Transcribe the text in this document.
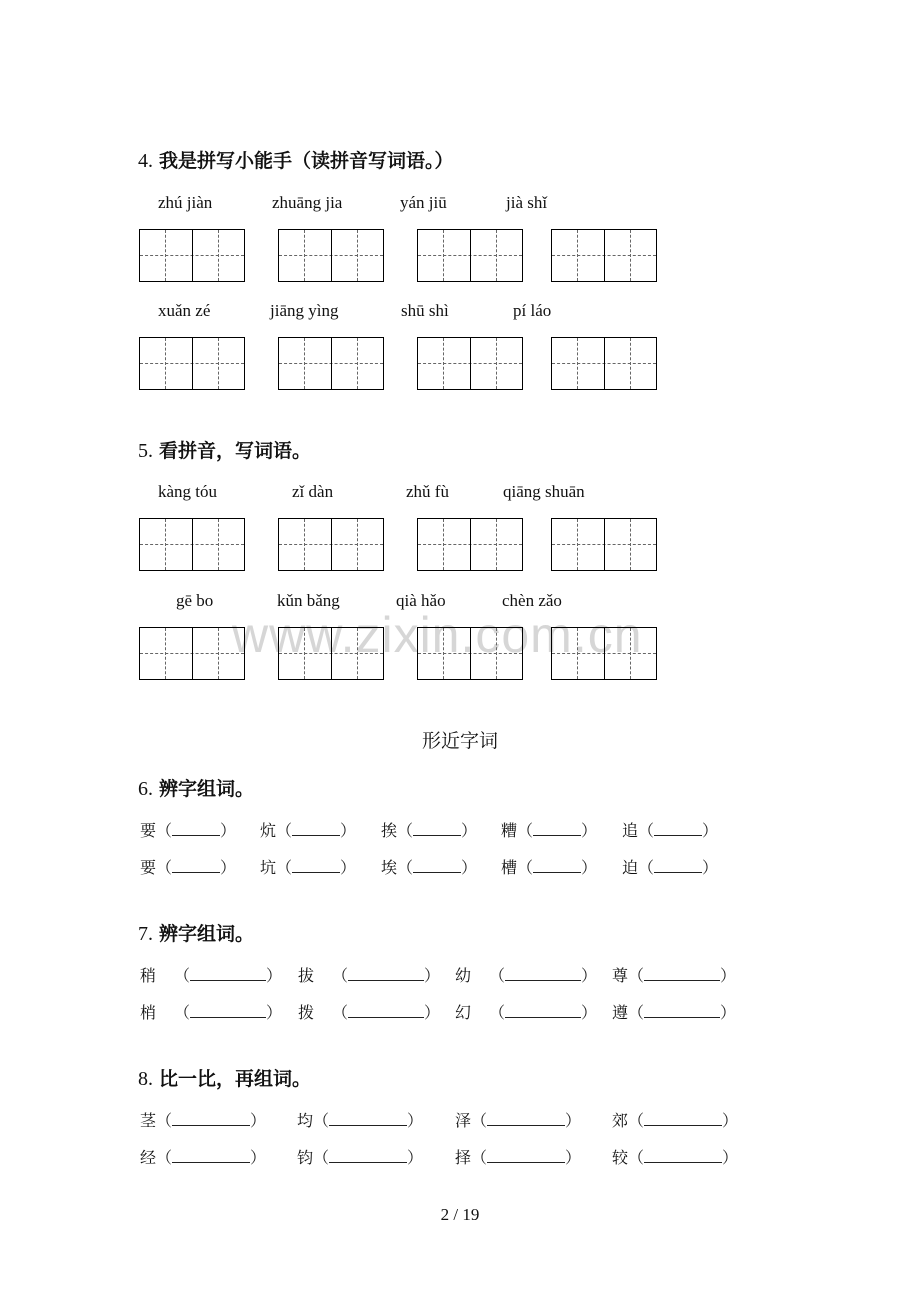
www.zixin.com.cn
4. 我是拼写小能手（读拼音写词语。）
zhú jiàn	zhuāng jia	yán jiū	jià shǐ
xuǎn zé	jiāng yìng	shū shì	pí láo
5. 看拼音，写词语。
kàng tóu	zǐ dàn	zhǔ fù	qiāng shuān
gē bo	kǔn bǎng	qià hǎo	chèn zǎo
形近字词
6. 辨字组词。
要（	） 炕（	） 挨（	） 糟（	） 追（	）
要（	） 坑（	） 埃（	） 槽（	） 迫（	）
7. 辨字组词。
稍 （	） 拔 （	） 幼 （	） 尊（	）
梢 （	） 拨 （	） 幻 （	） 遵（	）
8. 比一比，再组词。
茎（	） 均（	） 泽（	） 郊（	）
经（	） 钧（	） 择（	） 较（	）
2 / 19
